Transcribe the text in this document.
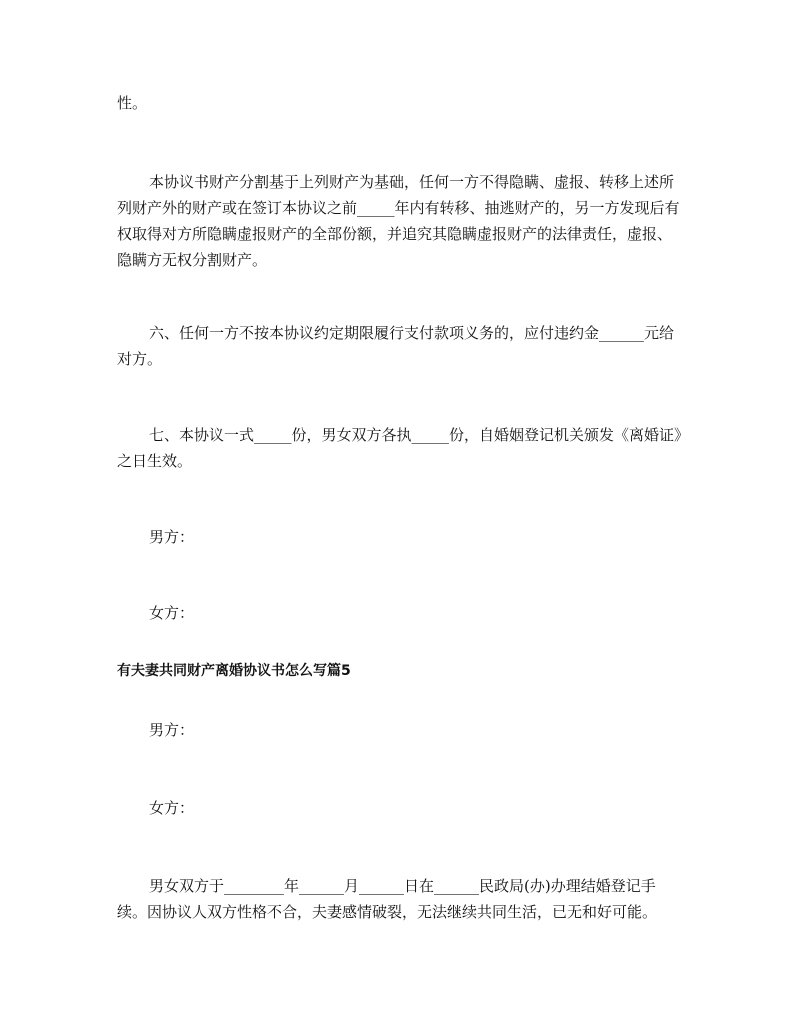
性。

本协议书财产分割基于上列财产为基础，任何一方不得隐瞒、虚报、转移上述所列财产外的财产或在签订本协议之前_____年内有转移、抽逃财产的，另一方发现后有权取得对方所隐瞒虚报财产的全部份额，并追究其隐瞒虚报财产的法律责任，虚报、隐瞒方无权分割财产。

六、任何一方不按本协议约定期限履行支付款项义务的，应付违约金______元给对方。

七、本协议一式_____份，男女双方各执_____份，自婚姻登记机关颁发《离婚证》之日生效。

男方：

女方：

有夫妻共同财产离婚协议书怎么写篇5

男方：

女方：

男女双方于________年______月______日在______民政局(办)办理结婚登记手续。因协议人双方性格不合，夫妻感情破裂，无法继续共同生活，已无和好可能。
